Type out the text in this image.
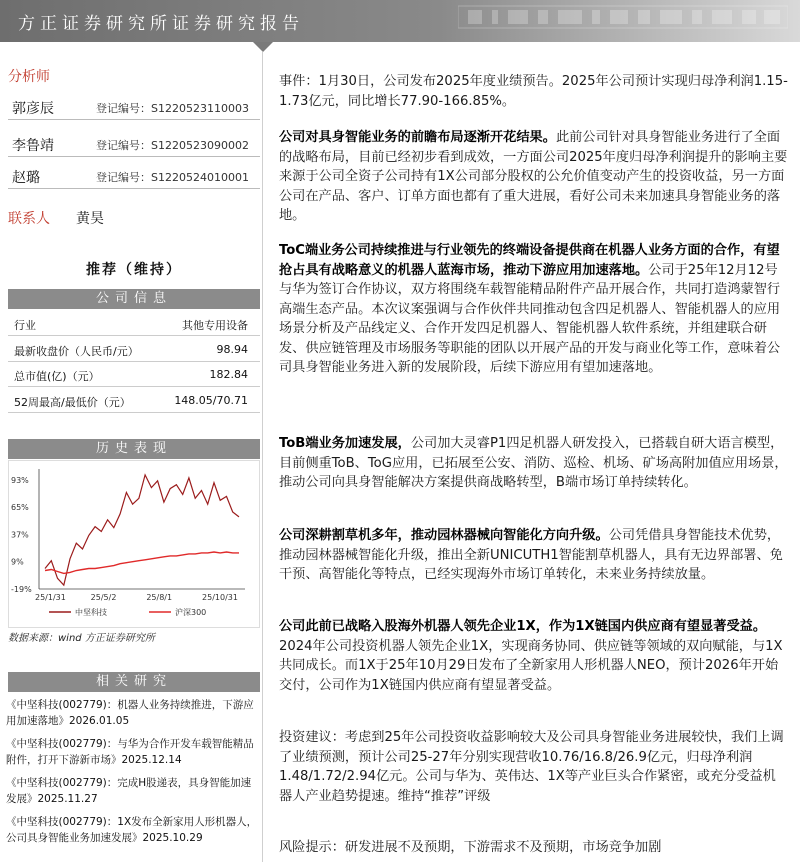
方正证券研究所证券研究报告
分析师
郭彦辰	登记编号：S1220523110003
李鲁靖	登记编号：S1220523090002
赵璐	登记编号：S1220524010001
联系人 黄昊
推荐（维持）
公司信息
行业	其他专用设备
最新收盘价（人民币/元）	98.94
总市值(亿)（元）	182.84
52周最高/最低价（元）	148.05/70.71
历史表现
93%
65%
37%
9%
-19%
25/1/31	25/5/2	25/8/1	25/10/31
中坚科技	沪深300
数据来源：wind 方正证券研究所
相关研究
《中坚科技(002779)：机器人业务持续推进，下游应用加速落地》2026.01.05
《中坚科技(002779)：与华为合作开发车载智能精品附件，打开下游新市场》2025.12.14
《中坚科技(002779)：完成H股递表，具身智能加速发展》2025.11.27
《中坚科技(002779)：1X发布全新家用人形机器人，公司具身智能业务加速发展》2025.10.29

事件：1月30日，公司发布2025年度业绩预告。2025年公司预计实现归母净利润1.15-1.73亿元，同比增长77.90-166.85%。

公司对具身智能业务的前瞻布局逐渐开花结果。此前公司针对具身智能业务进行了全面的战略布局，目前已经初步看到成效，一方面公司2025年度归母净利润提升的影响主要来源于公司全资子公司持有1X公司部分股权的公允价值变动产生的投资收益，另一方面公司在产品、客户、订单方面也都有了重大进展，看好公司未来加速具身智能业务的落地。

ToC端业务公司持续推进与行业领先的终端设备提供商在机器人业务方面的合作，有望抢占具有战略意义的机器人蓝海市场，推动下游应用加速落地。公司于25年12月12号与华为签订合作协议，双方将围绕车载智能精品附件产品开展合作，共同打造鸿蒙智行高端生态产品。本次议案强调与合作伙伴共同推动包含四足机器人、智能机器人的应用场景分析及产品线定义、合作开发四足机器人、智能机器人软件系统，并组建联合研发、供应链管理及市场服务等职能的团队以开展产品的开发与商业化等工作，意味着公司具身智能业务进入新的发展阶段，后续下游应用有望加速落地。

ToB端业务加速发展，公司加大灵睿P1四足机器人研发投入，已搭载自研大语言模型，目前侧重ToB、ToG应用，已拓展至公安、消防、巡检、机场、矿场高附加值应用场景，推动公司向具身智能解决方案提供商战略转型，B端市场订单持续转化。

公司深耕割草机多年，推动园林器械向智能化方向升级。公司凭借具身智能技术优势，推动园林器械智能化升级，推出全新UNICUTH1智能割草机器人，具有无边界部署、免干预、高智能化等特点，已经实现海外市场订单转化，未来业务持续放量。

公司此前已战略入股海外机器人领先企业1X，作为1X链国内供应商有望显著受益。2024年公司投资机器人领先企业1X，实现商务协同、供应链等领域的双向赋能，与1X共同成长。而1X于25年10月29日发布了全新家用人形机器人NEO，预计2026年开始交付，公司作为1X链国内供应商有望显著受益。

投资建议：考虑到25年公司投资收益影响较大及公司具身智能业务进展较快，我们上调了业绩预测，预计公司25-27年分别实现营收10.76/16.8/26.9亿元，归母净利润1.48/1.72/2.94亿元。公司与华为、英伟达、1X等产业巨头合作紧密，或充分受益机器人产业趋势提速。维持“推荐”评级

风险提示：研发进展不及预期，下游需求不及预期，市场竞争加剧
